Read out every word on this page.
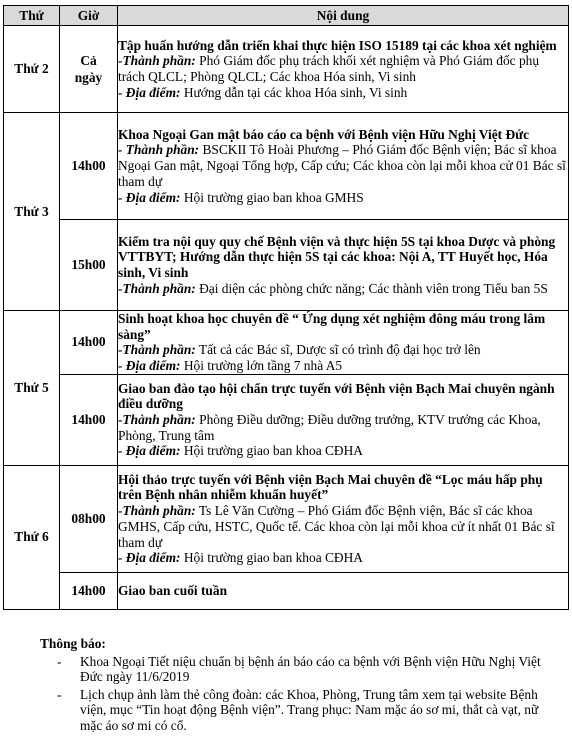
Thứ	Giờ	Nội dung
Thứ 2	Cả ngày	Tập huấn hướng dẫn triển khai thực hiện ISO 15189 tại các khoa xét nghiệm
-Thành phần: Phó Giám đốc phụ trách khối xét nghiệm và Phó Giám đốc phụ trách QLCL; Phòng QLCL; Các khoa Hóa sinh, Vi sinh
- Địa điểm: Hướng dẫn tại các khoa Hóa sinh, Vi sinh

Thứ 3	14h00	Khoa Ngoại Gan mật báo cáo ca bệnh với Bệnh viện Hữu Nghị Việt Đức
- Thành phần: BSCKII Tô Hoài Phương – Phó Giám đốc Bệnh viện; Bác sĩ khoa Ngoại Gan mật, Ngoại Tổng hợp, Cấp cứu; Các khoa còn lại mỗi khoa cử 01 Bác sĩ tham dự
- Địa điểm: Hội trường giao ban khoa GMHS

	15h00	Kiểm tra nội quy quy chế Bệnh viện và thực hiện 5S tại khoa Dược và phòng VTTBYT; Hướng dẫn thực hiện 5S tại các khoa: Nội A, TT Huyết học, Hóa sinh, Vi sinh
-Thành phần: Đại diện các phòng chức năng; Các thành viên trong Tiểu ban 5S

Thứ 5	14h00	Sinh hoạt khoa học chuyên đề “ Ứng dụng xét nghiệm đông máu trong lâm sàng”
-Thành phần: Tất cả các Bác sĩ, Dược sĩ có trình độ đại học trở lên
- Địa điểm: Hội trường lớn tầng 7 nhà A5

	14h00	Giao ban đào tạo hội chẩn trực tuyến với Bệnh viện Bạch Mai chuyên ngành điều dưỡng
-Thành phần: Phòng Điều dưỡng; Điều dưỡng trưởng, KTV trưởng các Khoa, Phòng, Trung tâm
- Địa điểm: Hội trường giao ban khoa CĐHA

Thứ 6	08h00	Hội thảo trực tuyến với Bệnh viện Bạch Mai chuyên đề “Lọc máu hấp phụ trên Bệnh nhân nhiễm khuẩn huyết”
-Thành phần: Ts Lê Văn Cường – Phó Giám đốc Bệnh viện, Bác sĩ các khoa GMHS, Cấp cứu, HSTC, Quốc tế. Các khoa còn lại mỗi khoa cử ít nhất 01 Bác sĩ tham dự
- Địa điểm: Hội trường giao ban khoa CĐHA

	14h00	Giao ban cuối tuần
Thông báo:
- Khoa Ngoại Tiết niệu chuẩn bị bệnh án báo cáo ca bệnh với Bệnh viện Hữu Nghị Việt Đức ngày 11/6/2019
- Lịch chụp ảnh làm thẻ công đoàn: các Khoa, Phòng, Trung tâm xem tại website Bệnh viện, mục “Tin hoạt động Bệnh viện”. Trang phục: Nam mặc áo sơ mi, thắt cà vạt, nữ mặc áo sơ mi có cổ.
